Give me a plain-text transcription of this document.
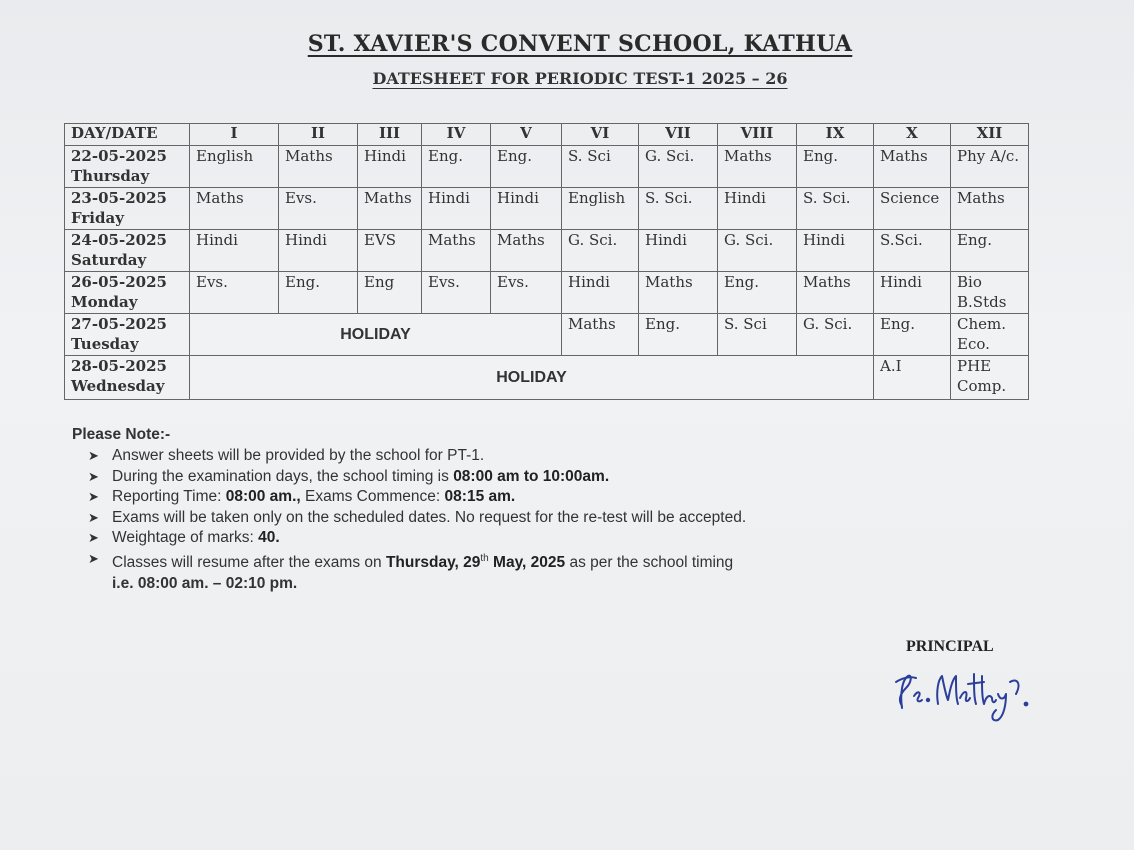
ST. XAVIER'S CONVENT SCHOOL, KATHUA
DATESHEET FOR PERIODIC TEST-1 2025 – 26
DAY/DATE	I	II	III	IV	V	VI	VII	VIII	IX	X	XII
22-05-2025
Thursday	English	Maths	Hindi	Eng.	Eng.	S. Sci	G. Sci.	Maths	Eng.	Maths	Phy A/c.
23-05-2025
Friday	Maths	Evs.	Maths	Hindi	Hindi	English	S. Sci.	Hindi	S. Sci.	Science	Maths
24-05-2025
Saturday	Hindi	Hindi	EVS	Maths	Maths	G. Sci.	Hindi	G. Sci.	Hindi	S.Sci.	Eng.
26-05-2025
Monday	Evs.	Eng.	Eng	Evs.	Evs.	Hindi	Maths	Eng.	Maths	Hindi	Bio B.Stds
27-05-2025
Tuesday	HOLIDAY					Maths	Eng.	S. Sci	G. Sci.	Eng.	Chem. Eco.
28-05-2025
Wednesday	HOLIDAY									A.I	PHE Comp.
Please Note:-
➤ Answer sheets will be provided by the school for PT-1.
➤ During the examination days, the school timing is 08:00 am to 10:00am.
➤ Reporting Time: 08:00 am., Exams Commence: 08:15 am.
➤ Exams will be taken only on the scheduled dates. No request for the re-test will be accepted.
➤ Weightage of marks: 40.
➤ Classes will resume after the exams on Thursday, 29th May, 2025 as per the school timing
i.e. 08:00 am. – 02:10 pm.
PRINCIPAL
